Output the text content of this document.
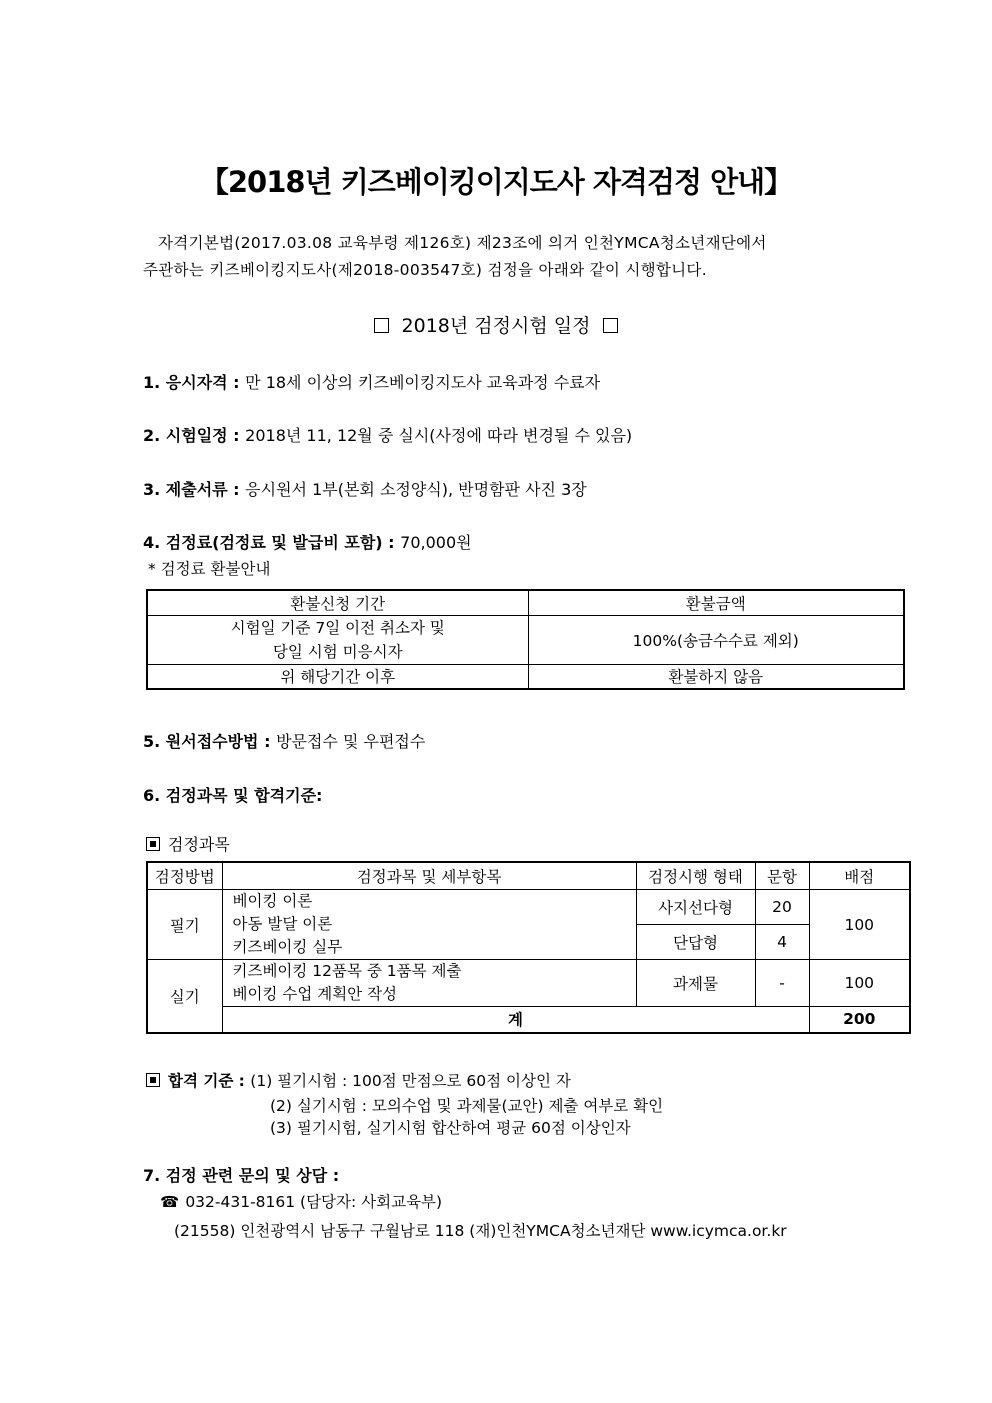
【2018년 키즈베이킹이지도사 자격검정 안내】
자격기본법(2017.03.08 교육부령 제126호) 제23조에 의거 인천YMCA청소년재단에서
주관하는 키즈베이킹지도사(제2018-003547호) 검정을 아래와 같이 시행합니다.
2018년 검정시험 일정
1. 응시자격 : 만 18세 이상의 키즈베이킹지도사 교육과정 수료자
2. 시험일정 : 2018년 11, 12월 중 실시(사정에 따라 변경될 수 있음)
3. 제출서류 : 응시원서 1부(본회 소정양식), 반명함판 사진 3장
4. 검정료(검정료 및 발급비 포함) : 70,000원
* 검정료 환불안내
환불신청 기간	환불금액

시험일 기준 7일 이전 취소자 및
당일 시험 미응시자	100%(송금수수료 제외)
위 해당기간 이후	환불하지 않음
5. 원서접수방법 : 방문접수 및 우편접수
6. 검정과목 및 합격기준:
검정과목
검정방법	검정과목 및 세부항목	검정시행 형태	문항	배점
필기	베이킹 이론
아동 발달 이론
키즈베이킹 실무	사지선다형	20	100
		단답형	4	
실기	키즈베이킹 12품목 중 1품목 제출
베이킹 수업 계획안 작성	과제물	-	100
	계			200
합격 기준 : (1) 필기시험 : 100점 만점으로 60점 이상인 자
(2) 실기시험 : 모의수업 및 과제물(교안) 제출 여부로 확인
(3) 필기시험, 실기시험 합산하여 평균 60점 이상인자
7. 검정 관련 문의 및 상담 :
☎ 032-431-8161 (담당자: 사회교육부)
(21558) 인천광역시 남동구 구월남로 118 (재)인천YMCA청소년재단 www.icymca.or.kr
